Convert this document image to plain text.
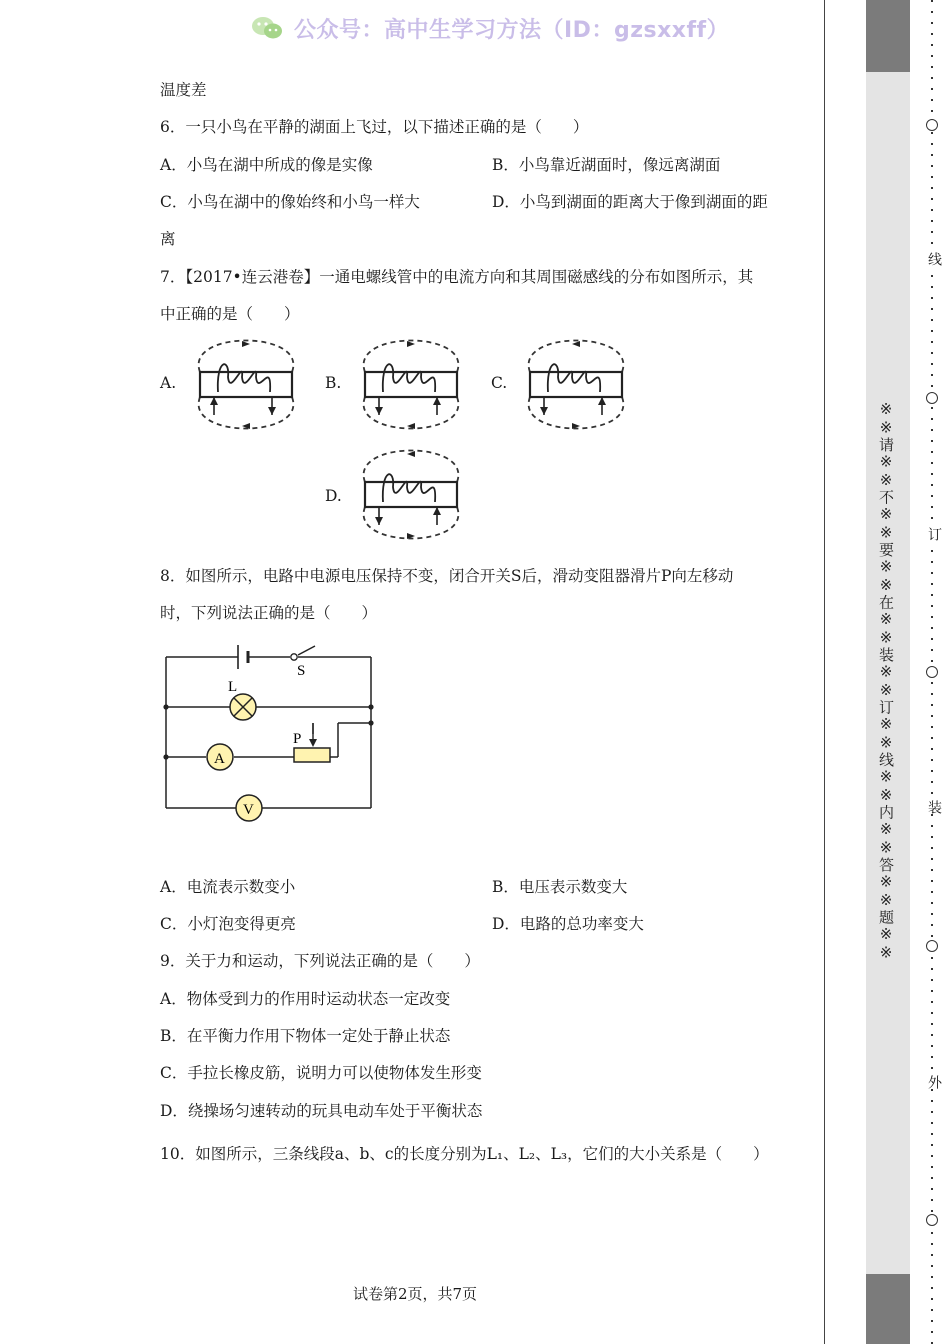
公众号：高中生学习方法（ID：gzsxxff）
温度差
6．一只小鸟在平静的湖面上飞过，以下描述正确的是（　　）
A．小鸟在湖中所成的像是实像	B．小鸟靠近湖面时，像远离湖面
C．小鸟在湖中的像始终和小鸟一样大	D．小鸟到湖面的距离大于像到湖面的距
离
7．【2017•连云港卷】一通电螺线管中的电流方向和其周围磁感线的分布如图所示，其
中正确的是（　　）
A.	B.	C.
D.
8．如图所示，电路中电源电压保持不变，闭合开关S后，滑动变阻器滑片P向左移动
时，下列说法正确的是（　　）
S
L
P
A
V
A．电流表示数变小	B．电压表示数变大
C．小灯泡变得更亮	D．电路的总功率变大
9．关于力和运动，下列说法正确的是（　　）
A．物体受到力的作用时运动状态一定改变
B．在平衡力作用下物体一定处于静止状态
C．手拉长橡皮筋，说明力可以使物体发生形变
D．绕操场匀速转动的玩具电动车处于平衡状态
10．如图所示，三条线段a、b、c的长度分别为L₁、L₂、L₃，它们的大小关系是（　　）
试卷第2页，共7页
※※请※※不※※要※※在※※装※※订※※线※※内※※答※※题※※
线
订
装
外
